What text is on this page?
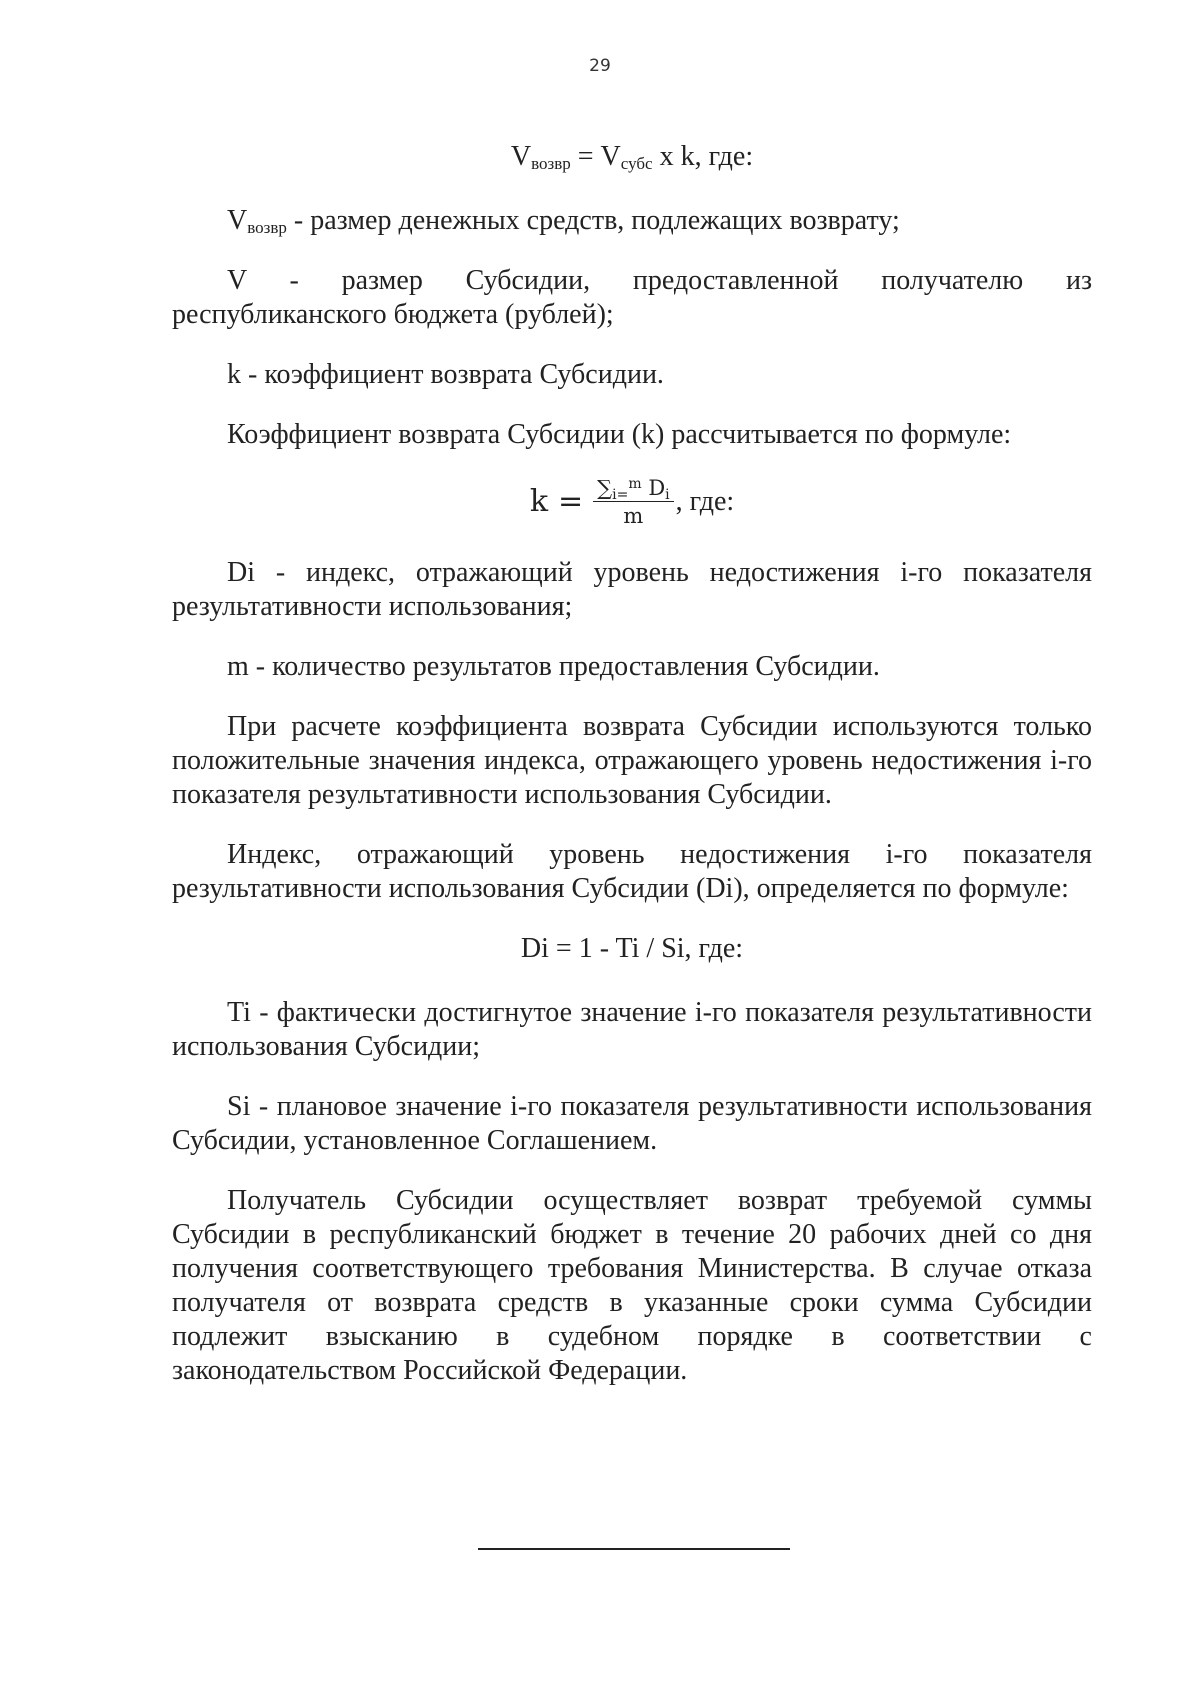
29

$V_{возвр} = V_{субс}$ x k, где:

$V_{возвр}$ - размер денежных средств, подлежащих возврату;

V - размер Субсидии, предоставленной получателю из республиканского бюджета (рублей);

k - коэффициент возврата Субсидии.

Коэффициент возврата Субсидии (k) рассчитывается по формуле:

$k = \frac{\sum i=^m Di}{m}$ , где:

Di - индекс, отражающий уровень недостижения i-го показателя результативности использования;

m - количество результатов предоставления Субсидии.

При расчете коэффициента возврата Субсидии используются только положительные значения индекса, отражающего уровень недостижения i-го показателя результативности использования Субсидии.

Индекс, отражающий уровень недостижения i-го показателя результативности использования Субсидии (Di), определяется по формуле:

Di = 1 - Ti / Si, где:

Ti - фактически достигнутое значение i-го показателя результативности использования Субсидии;

Si - плановое значение i-го показателя результативности использования Субсидии, установленное Соглашением.

Получатель Субсидии осуществляет возврат требуемой суммы Субсидии в республиканский бюджет в течение 20 рабочих дней со дня получения соответствующего требования Министерства. В случае отказа получателя от возврата средств в указанные сроки сумма Субсидии подлежит взысканию в судебном порядке в соответствии с законодательством Российской Федерации.
